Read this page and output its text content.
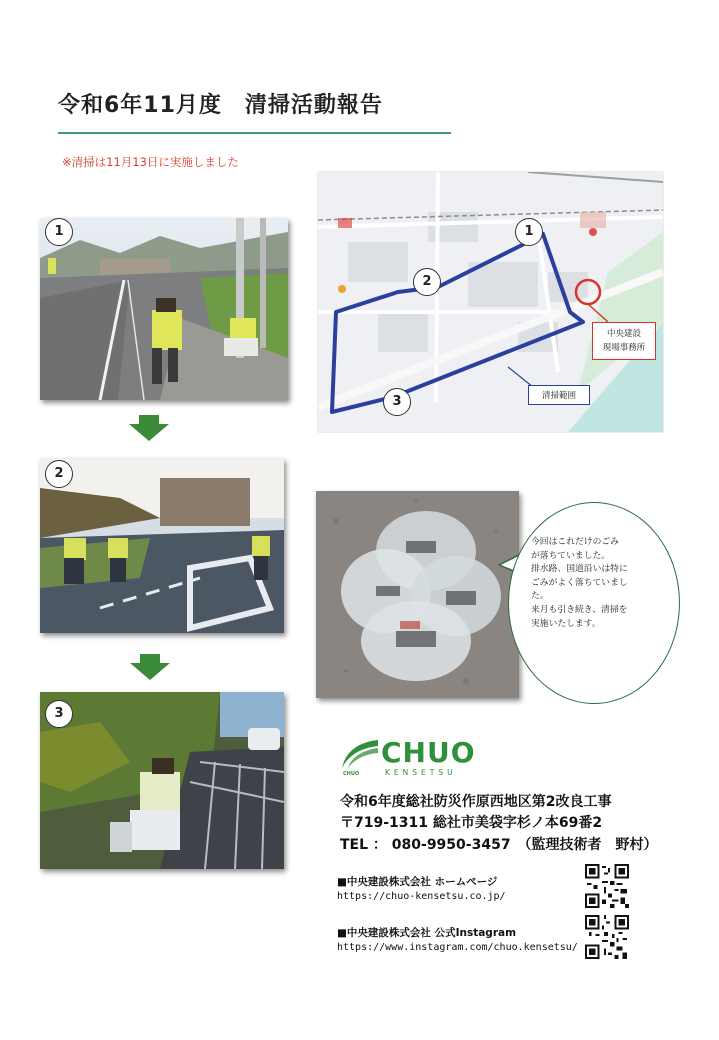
令和6年11月度　清掃活動報告
※清掃は11月13日に実施しました
1
2
3
1
2
3
中央建設
現場事務所
清掃範囲
今回はこれだけのごみ
が落ちていました。
排水路、国道沿いは特に
ごみがよく落ちていまし
た。
来月も引き続き、清掃を
実施いたします。
CHUO
CHUO
KENSETSU
令和6年度総社防災作原西地区第2改良工事
〒719-1311 総社市美袋字杉ノ本69番2
TEL ： 080-9950-3457　（監理技術者　野村）
■中央建設株式会社 ホームページ
https://chuo-kensetsu.co.jp/
■中央建設株式会社 公式Instagram
https://www.instagram.com/chuo.kensetsu/
